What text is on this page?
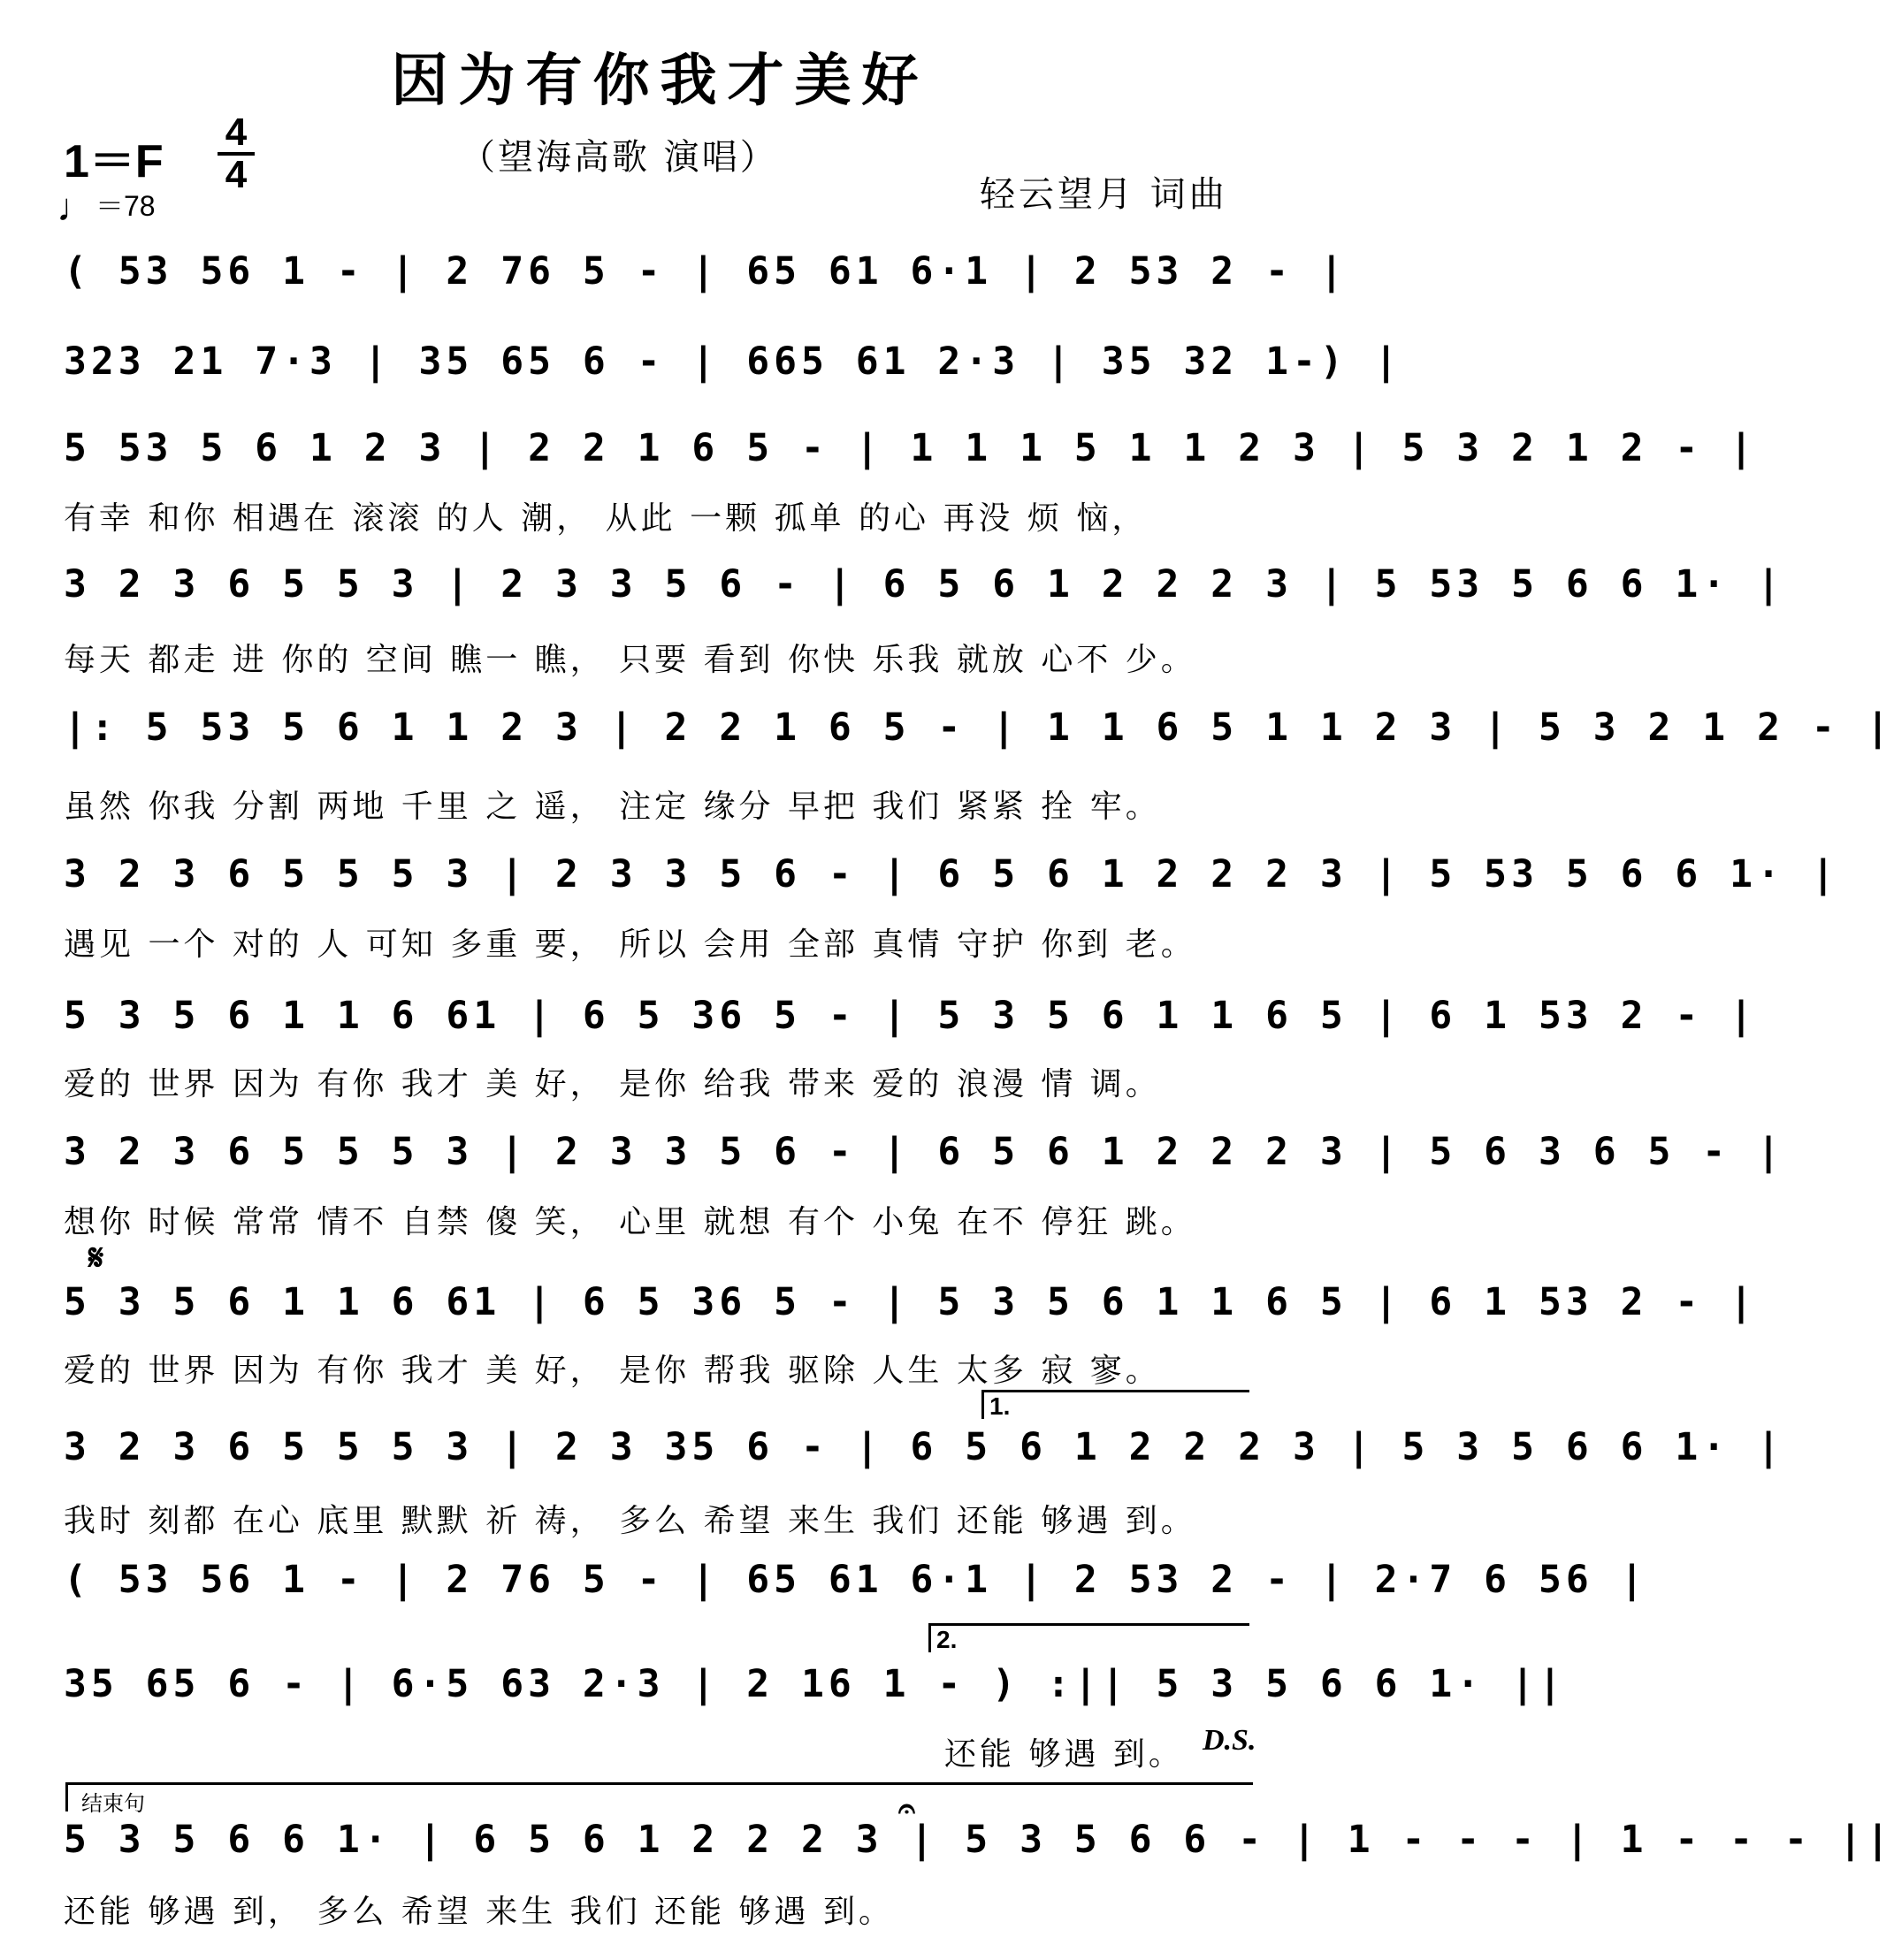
因为有你我才美好
1＝F
4
4
♩＝78
（望海高歌 演唱）
轻云望月 词曲
( 53 56 1 - | 2 76 5 - | 65 61 6·1 | 2 53 2 - |
323 21 7·3 | 35 65 6 - | 665 61 2·3 | 35 32 1-) |
5 53 5 6 1 2 3 | 2 2 1 6 5 - | 1 1 1 5 1 1 2 3 | 5 3 2 1 2 - |
有幸 和你 相遇在 滚滚 的人 潮， 从此 一颗 孤单 的心 再没 烦 恼，
3 2 3 6 5 5 3 | 2 3 3 5 6 - | 6 5 6 1 2 2 2 3 | 5 53 5 6 6 1· |
每天 都走 进 你的 空间 瞧一 瞧， 只要 看到 你快 乐我 就放 心不 少。
|: 5 53 5 6 1 1 2 3 | 2 2 1 6 5 - | 1 1 6 5 1 1 2 3 | 5 3 2 1 2 - |
虽然 你我 分割 两地 千里 之 遥， 注定 缘分 早把 我们 紧紧 拴 牢。
3 2 3 6 5 5 5 3 | 2 3 3 5 6 - | 6 5 6 1 2 2 2 3 | 5 53 5 6 6 1· |
遇见 一个 对的 人 可知 多重 要， 所以 会用 全部 真情 守护 你到 老。
5 3 5 6 1 1 6 61 | 6 5 36 5 - | 5 3 5 6 1 1 6 5 | 6 1 53 2 - |
爱的 世界 因为 有你 我才 美 好， 是你 给我 带来 爱的 浪漫 情 调。
3 2 3 6 5 5 5 3 | 2 3 3 5 6 - | 6 5 6 1 2 2 2 3 | 5 6 3 6 5 - |
想你 时候 常常 情不 自禁 傻 笑， 心里 就想 有个 小兔 在不 停狂 跳。
𝄋
5 3 5 6 1 1 6 61 | 6 5 36 5 - | 5 3 5 6 1 1 6 5 | 6 1 53 2 - |
爱的 世界 因为 有你 我才 美 好， 是你 帮我 驱除 人生 太多 寂 寥。
1.
3 2 3 6 5 5 5 3 | 2 3 35 6 - | 6 5 6 1 2 2 2 3 | 5 3 5 6 6 1· |
我时 刻都 在心 底里 默默 祈 祷， 多么 希望 来生 我们 还能 够遇 到。
( 53 56 1 - | 2 76 5 - | 65 61 6·1 | 2 53 2 - | 2·7 6 56 |
2.
35 65 6 - | 6·5 63 2·3 | 2 16 1 - ) :|| 5 3 5 6 6 1· ||
还能 够遇 到。 D.S.
结束句	𝄐
5 3 5 6 6 1· | 6 5 6 1 2 2 2 3 | 5 3 5 6 6 - | 1 - - - | 1 - - - ||
还能 够遇 到， 多么 希望 来生 我们 还能 够遇 到。
